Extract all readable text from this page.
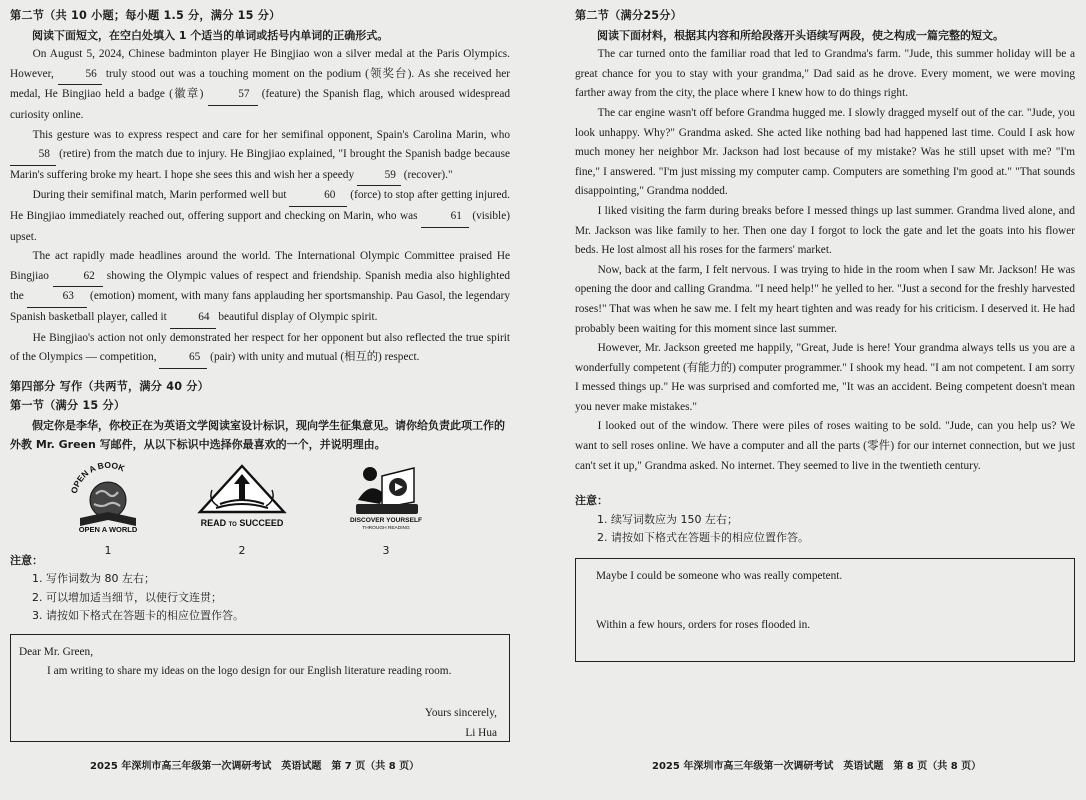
第二节（共 10 小题；每小题 1.5 分，满分 15 分）
阅读下面短文，在空白处填入 1 个适当的单词或括号内单词的正确形式。

On August 5, 2024, Chinese badminton player He Bingjiao won a silver medal at the Paris Olympics. However, 56 truly stood out was a touching moment on the podium (领奖台). As she received her medal, He Bingjiao held a badge (徽章)	57 (feature) the Spanish flag, which aroused widespread curiosity online.

This gesture was to express respect and care for her semifinal opponent, Spain's Carolina Marin, who 58 (retire) from the match due to injury. He Bingjiao explained, "I brought the Spanish badge because Marin's suffering broke my heart. I hope she sees this and wish her a speedy 59 (recover)."

During their semifinal match, Marin performed well but	60 (force) to stop after getting injured. He Bingjiao immediately reached out, offering support and checking on Marin, who was	61 (visible) upset.

The act rapidly made headlines around the world. The International Olympic Committee praised He Bingjiao	62 showing the Olympic values of respect and friendship. Spanish media also highlighted the	63 (emotion) moment, with many fans applauding her sportsmanship. Pau Gasol, the legendary Spanish basketball player, called it	64 beautiful display of Olympic spirit.

He Bingjiao's action not only demonstrated her respect for her opponent but also reflected the true spirit of the Olympics — competition,	65 (pair) with unity and mutual (相互的) respect.

第四部分 写作（共两节，满分 40 分）
第一节（满分 15 分）
假定你是李华，你校正在为英语文学阅读室设计标识，现向学生征集意见。请你给负责此项工作的外教 Mr. Green 写邮件，从以下标识中选择你最喜欢的一个，并说明理由。
OPEN A BOOK
OPEN A WORLD
1
READ TO SUCCEED
2
DISCOVER YOURSELF
THROUGH READING
3
注意：
1. 写作词数为 80 左右；
2. 可以增加适当细节，以使行文连贯；
3. 请按如下格式在答题卡的相应位置作答。
Dear Mr. Green,
I am writing to share my ideas on the logo design for our English literature reading room.
Yours sincerely,
Li Hua
2025 年深圳市高三年级第一次调研考试　英语试题　第 7 页（共 8 页）
第二节（满分25分）
阅读下面材料，根据其内容和所给段落开头语续写两段，使之构成一篇完整的短文。

The car turned onto the familiar road that led to Grandma's farm. "Jude, this summer holiday will be a great chance for you to stay with your grandma," Dad said as he drove. Every moment, we were moving farther away from the city, the place where I knew how to do things right.

The car engine wasn't off before Grandma hugged me. I slowly dragged myself out of the car. "Jude, you look unhappy. Why?" Grandma asked. She acted like nothing bad had happened last time. Could I ask how much money her neighbor Mr. Jackson had lost because of my mistake? Was he still upset with me? "I'm fine," I answered. "I'm just missing my computer camp. Computers are something I'm good at." "That sounds disappointing," Grandma nodded.

I liked visiting the farm during breaks before I messed things up last summer. Grandma lived alone, and Mr. Jackson was like family to her. Then one day I forgot to lock the gate and let the goats into his flower beds. He lost almost all his roses for the farmers' market.

Now, back at the farm, I felt nervous. I was trying to hide in the room when I saw Mr. Jackson! He was opening the door and calling Grandma. "I need help!" he yelled to her. "Just a second for the freshly harvested roses!" That was when he saw me. I felt my heart tighten and was ready for his criticism. I deserved it. He had probably been waiting for this moment since last summer.

However, Mr. Jackson greeted me happily, "Great, Jude is here! Your grandma always tells us you are a wonderfully competent (有能力的) computer programmer." I shook my head. "I am not competent. I am sorry I messed things up." He was surprised and comforted me, "It was an accident. Being competent doesn't mean you never make mistakes."

I looked out of the window. There were piles of roses waiting to be sold. "Jude, can you help us? We want to sell roses online. We have a computer and all the parts (零件) for our internet connection, but we just can't set it up," Grandma asked. No internet. They seemed to live in the twentieth century.

注意：
1. 续写词数应为 150 左右；
2. 请按如下格式在答题卡的相应位置作答。
Maybe I could be someone who was really competent.
Within a few hours, orders for roses flooded in.
2025 年深圳市高三年级第一次调研考试　英语试题　第 8 页（共 8 页）
